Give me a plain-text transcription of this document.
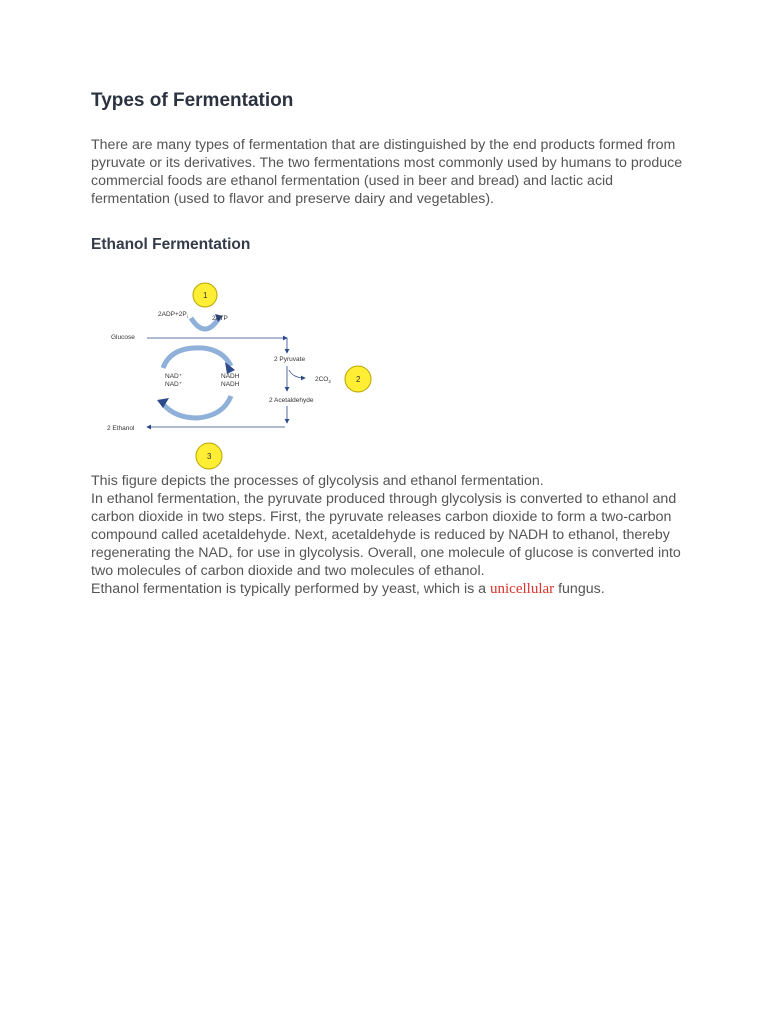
Types of Fermentation

There are many types of fermentation that are distinguished by the end products formed from pyruvate or its derivatives. The two fermentations most commonly used by humans to produce commercial foods are ethanol fermentation (used in beer and bread) and lactic acid fermentation (used to flavor and preserve dairy and vegetables).

Ethanol Fermentation
1
$2ADP+2P_i$	2ATP
Glucose
2 Pyruvate
$2CO_2$	2
2 Acetaldehyde
NAD⁺
NAD⁺
NADH
NADH
2 Ethanol
3

This figure depicts the processes of glycolysis and ethanol fermentation.

In ethanol fermentation, the pyruvate produced through glycolysis is converted to ethanol and carbon dioxide in two steps. First, the pyruvate releases carbon dioxide to form a two-carbon compound called acetaldehyde. Next, acetaldehyde is reduced by NADH to ethanol, thereby regenerating the NAD+ for use in glycolysis. Overall, one molecule of glucose is converted into two molecules of carbon dioxide and two molecules of ethanol.

Ethanol fermentation is typically performed by yeast, which is a unicellular fungus.
